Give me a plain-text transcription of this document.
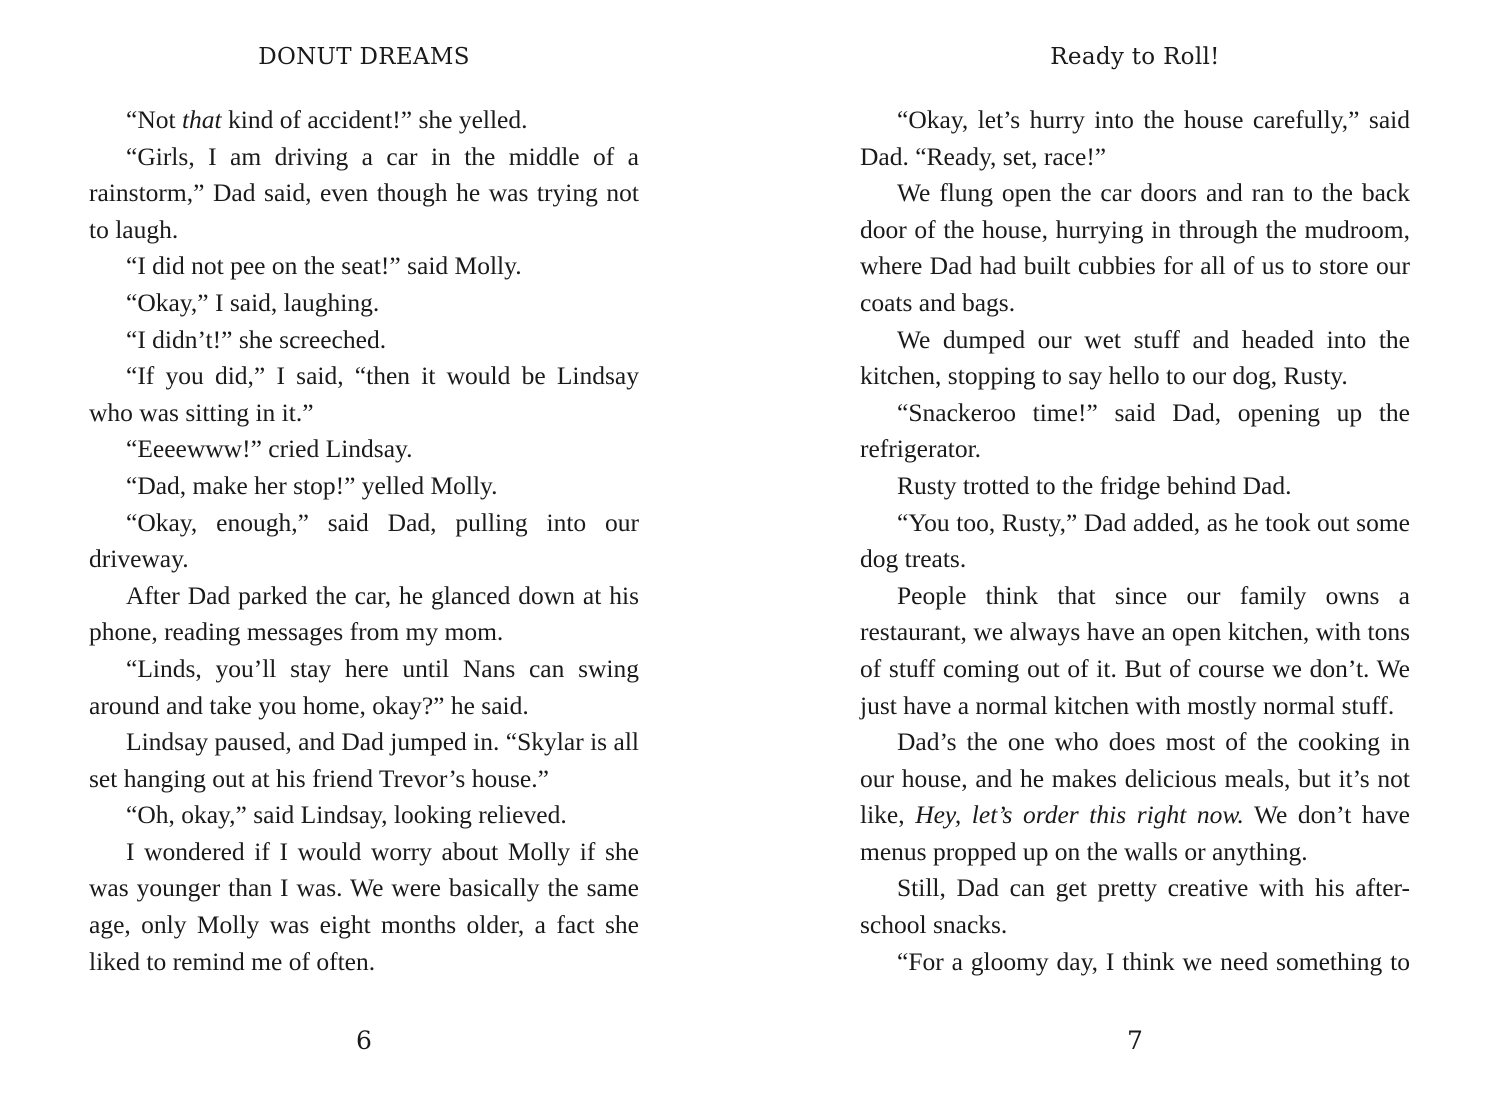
DONUT DREAMS

“Not that kind of accident!” she yelled.

“Girls, I am driving a car in the middle of a rainstorm,” Dad said, even though he was trying not to laugh.

“I did not pee on the seat!” said Molly.

“Okay,” I said, laughing.

“I didn’t!” she screeched.

“If you did,” I said, “then it would be Lindsay who was sitting in it.”

“Eeeewww!” cried Lindsay.

“Dad, make her stop!” yelled Molly.

“Okay, enough,” said Dad, pulling into our driveway.

After Dad parked the car, he glanced down at his phone, reading messages from my mom.

“Linds, you’ll stay here until Nans can swing around and take you home, okay?” he said.

Lindsay paused, and Dad jumped in. “Skylar is all set hanging out at his friend Trevor’s house.”

“Oh, okay,” said Lindsay, looking relieved.

I wondered if I would worry about Molly if she was younger than I was. We were basically the same age, only Molly was eight months older, a fact she liked to remind me of often.

6
Ready to Roll!

“Okay, let’s hurry into the house carefully,” said Dad. “Ready, set, race!”

We flung open the car doors and ran to the back door of the house, hurrying in through the mudroom, where Dad had built cubbies for all of us to store our coats and bags.

We dumped our wet stuff and headed into the kitchen, stopping to say hello to our dog, Rusty.

“Snackeroo time!” said Dad, opening up the refrigerator.

Rusty trotted to the fridge behind Dad.

“You too, Rusty,” Dad added, as he took out some dog treats.

People think that since our family owns a restaurant, we always have an open kitchen, with tons of stuff coming out of it. But of course we don’t. We just have a normal kitchen with mostly normal stuff.

Dad’s the one who does most of the cooking in our house, and he makes delicious meals, but it’s not like, Hey, let’s order this right now. We don’t have menus propped up on the walls or anything.

Still, Dad can get pretty creative with his after-school snacks.

“For a gloomy day, I think we need something to

7
